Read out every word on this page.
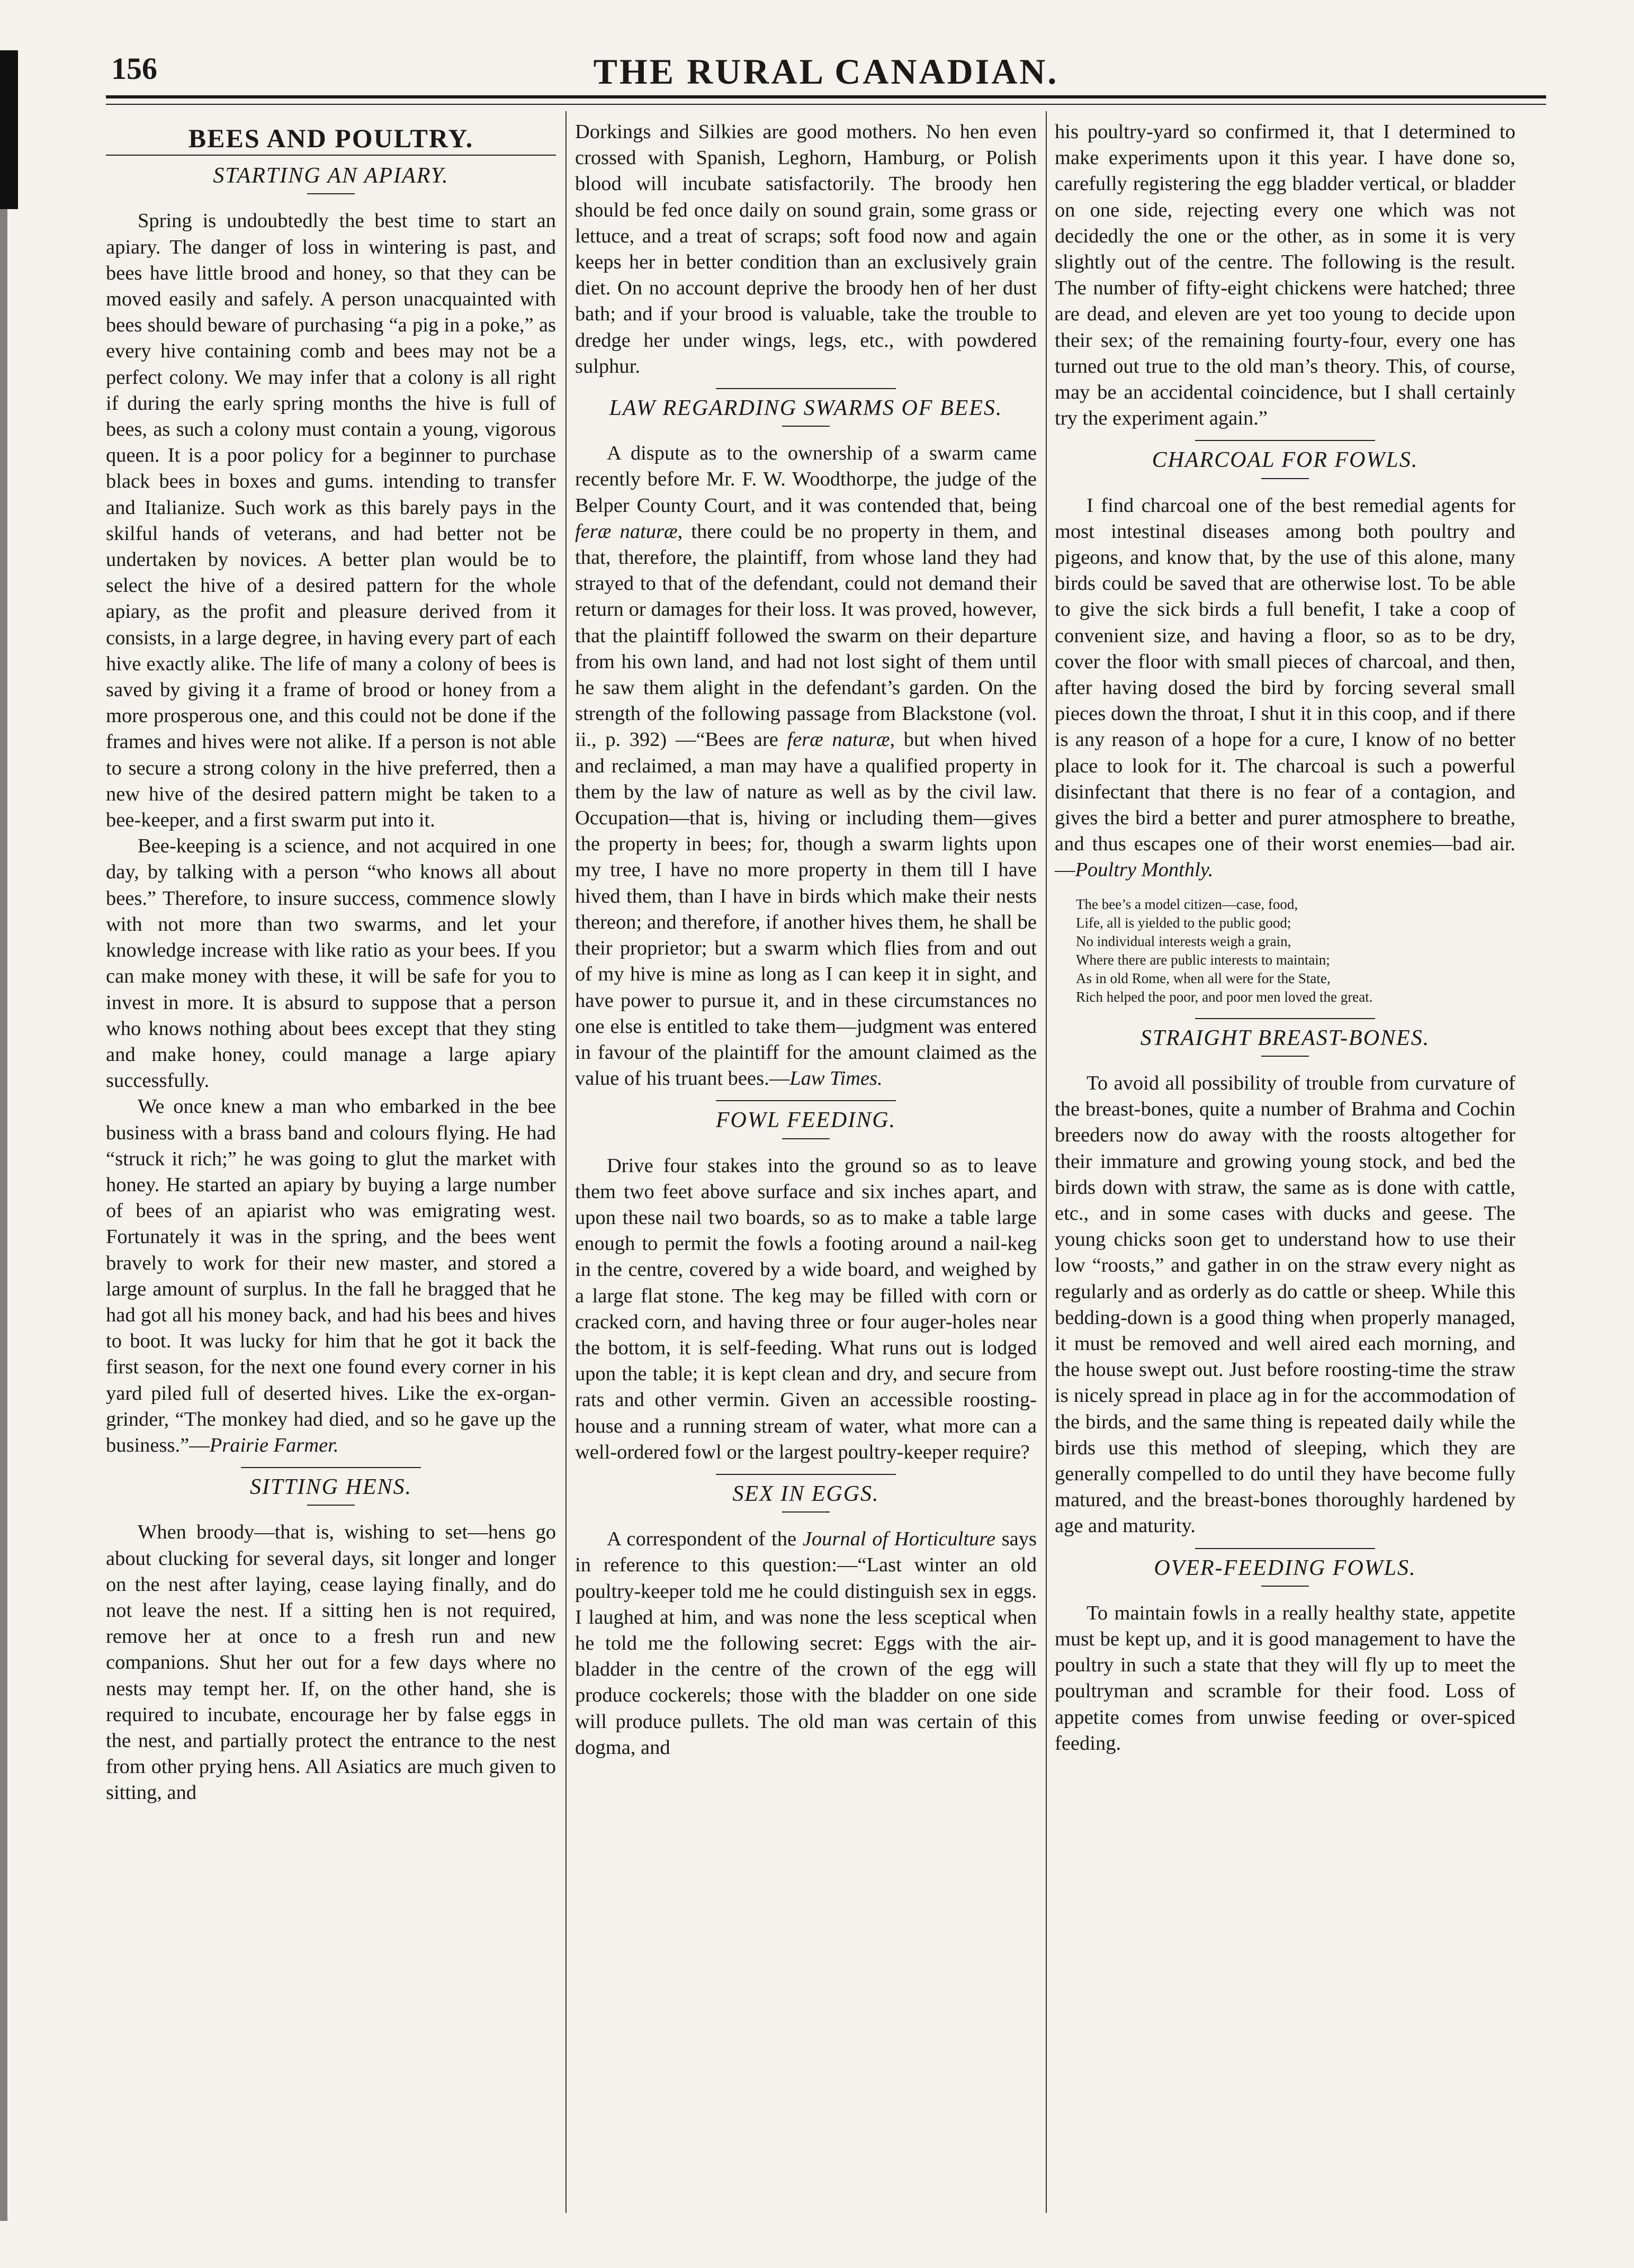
156	THE RURAL CANADIAN.
BEES AND POULTRY.
STARTING AN APIARY.

Spring is undoubtedly the best time to start an apiary. The danger of loss in wintering is past, and bees have little brood and honey, so that they can be moved easily and safely. A person unacquainted with bees should beware of purchasing “a pig in a poke,” as every hive containing comb and bees may not be a perfect colony. We may infer that a colony is all right if during the early spring months the hive is full of bees, as such a colony must contain a young, vigorous queen. It is a poor policy for a beginner to purchase black bees in boxes and gums. intending to transfer and Italianize. Such work as this barely pays in the skilful hands of veterans, and had better not be undertaken by novices. A better plan would be to select the hive of a desired pattern for the whole apiary, as the profit and pleasure derived from it consists, in a large degree, in having every part of each hive exactly alike. The life of many a colony of bees is saved by giving it a frame of brood or honey from a more prosperous one, and this could not be done if the frames and hives were not alike. If a person is not able to secure a strong colony in the hive preferred, then a new hive of the desired pattern might be taken to a bee-keeper, and a first swarm put into it.

Bee-keeping is a science, and not acquired in one day, by talking with a person “who knows all about bees.” Therefore, to insure success, commence slowly with not more than two swarms, and let your knowledge increase with like ratio as your bees. If you can make money with these, it will be safe for you to invest in more. It is absurd to suppose that a person who knows nothing about bees except that they sting and make honey, could manage a large apiary successfully.

We once knew a man who embarked in the bee business with a brass band and colours flying. He had “struck it rich;” he was going to glut the market with honey. He started an apiary by buying a large number of bees of an apiarist who was emigrating west. Fortunately it was in the spring, and the bees went bravely to work for their new master, and stored a large amount of surplus. In the fall he bragged that he had got all his money back, and had his bees and hives to boot. It was lucky for him that he got it back the first season, for the next one found every corner in his yard piled full of deserted hives. Like the ex-organ-grinder, “The monkey had died, and so he gave up the business.”—Prairie Farmer.

SITTING HENS.

When broody—that is, wishing to set—hens go about clucking for several days, sit longer and longer on the nest after laying, cease laying finally, and do not leave the nest. If a sitting hen is not required, remove her at once to a fresh run and new companions. Shut her out for a few days where no nests may tempt her. If, on the other hand, she is required to incubate, encourage her by false eggs in the nest, and partially protect the entrance to the nest from other prying hens. All Asiatics are much given to sitting, and

Dorkings and Silkies are good mothers. No hen even crossed with Spanish, Leghorn, Hamburg, or Polish blood will incubate satisfactorily. The broody hen should be fed once daily on sound grain, some grass or lettuce, and a treat of scraps; soft food now and again keeps her in better condition than an exclusively grain diet. On no account deprive the broody hen of her dust bath; and if your brood is valuable, take the trouble to dredge her under wings, legs, etc., with powdered sulphur.

LAW REGARDING SWARMS OF BEES.

A dispute as to the ownership of a swarm came recently before Mr. F. W. Woodthorpe, the judge of the Belper County Court, and it was contended that, being feræ naturæ, there could be no property in them, and that, therefore, the plaintiff, from whose land they had strayed to that of the defendant, could not demand their return or damages for their loss. It was proved, however, that the plaintiff followed the swarm on their departure from his own land, and had not lost sight of them until he saw them alight in the defendant’s garden. On the strength of the following passage from Blackstone (vol. ii., p. 392) —“Bees are feræ naturæ, but when hived and reclaimed, a man may have a qualified property in them by the law of nature as well as by the civil law. Occupation—that is, hiving or including them—gives the property in bees; for, though a swarm lights upon my tree, I have no more property in them till I have hived them, than I have in birds which make their nests thereon; and therefore, if another hives them, he shall be their proprietor; but a swarm which flies from and out of my hive is mine as long as I can keep it in sight, and have power to pursue it, and in these circumstances no one else is entitled to take them—judgment was entered in favour of the plaintiff for the amount claimed as the value of his truant bees.—Law Times.

FOWL FEEDING.

Drive four stakes into the ground so as to leave them two feet above surface and six inches apart, and upon these nail two boards, so as to make a table large enough to permit the fowls a footing around a nail-keg in the centre, covered by a wide board, and weighed by a large flat stone. The keg may be filled with corn or cracked corn, and having three or four auger-holes near the bottom, it is self-feeding. What runs out is lodged upon the table; it is kept clean and dry, and secure from rats and other vermin. Given an accessible roosting-house and a running stream of water, what more can a well-ordered fowl or the largest poultry-keeper require?

SEX IN EGGS.

A correspondent of the Journal of Horticulture says in reference to this question:—“Last winter an old poultry-keeper told me he could distinguish sex in eggs. I laughed at him, and was none the less sceptical when he told me the following secret: Eggs with the air-bladder in the centre of the crown of the egg will produce cockerels; those with the bladder on one side will produce pullets. The old man was certain of this dogma, and

his poultry-yard so confirmed it, that I determined to make experiments upon it this year. I have done so, carefully registering the egg bladder vertical, or bladder on one side, rejecting every one which was not decidedly the one or the other, as in some it is very slightly out of the centre. The following is the result. The number of fifty-eight chickens were hatched; three are dead, and eleven are yet too young to decide upon their sex; of the remaining fourty-four, every one has turned out true to the old man’s theory. This, of course, may be an accidental coincidence, but I shall certainly try the experiment again.”

CHARCOAL FOR FOWLS.

I find charcoal one of the best remedial agents for most intestinal diseases among both poultry and pigeons, and know that, by the use of this alone, many birds could be saved that are otherwise lost. To be able to give the sick birds a full benefit, I take a coop of convenient size, and having a floor, so as to be dry, cover the floor with small pieces of charcoal, and then, after having dosed the bird by forcing several small pieces down the throat, I shut it in this coop, and if there is any reason of a hope for a cure, I know of no better place to look for it. The charcoal is such a powerful disinfectant that there is no fear of a contagion, and gives the bird a better and purer atmosphere to breathe, and thus escapes one of their worst enemies—bad air. —Poultry Monthly.

The bee’s a model citizen—case, food,
Life, all is yielded to the public good;
No individual interests weigh a grain,
Where there are public interests to maintain;
As in old Rome, when all were for the State,
Rich helped the poor, and poor men loved the great.
STRAIGHT BREAST-BONES.

To avoid all possibility of trouble from curvature of the breast-bones, quite a number of Brahma and Cochin breeders now do away with the roosts altogether for their immature and growing young stock, and bed the birds down with straw, the same as is done with cattle, etc., and in some cases with ducks and geese. The young chicks soon get to understand how to use their low “roosts,” and gather in on the straw every night as regularly and as orderly as do cattle or sheep. While this bedding-down is a good thing when properly managed, it must be removed and well aired each morning, and the house swept out. Just before roosting-time the straw is nicely spread in place ag in for the accommodation of the birds, and the same thing is repeated daily while the birds use this method of sleeping, which they are generally compelled to do until they have become fully matured, and the breast-bones thoroughly hardened by age and maturity.

OVER-FEEDING FOWLS.

To maintain fowls in a really healthy state, appetite must be kept up, and it is good management to have the poultry in such a state that they will fly up to meet the poultryman and scramble for their food. Loss of appetite comes from unwise feeding or over-spiced feeding.
